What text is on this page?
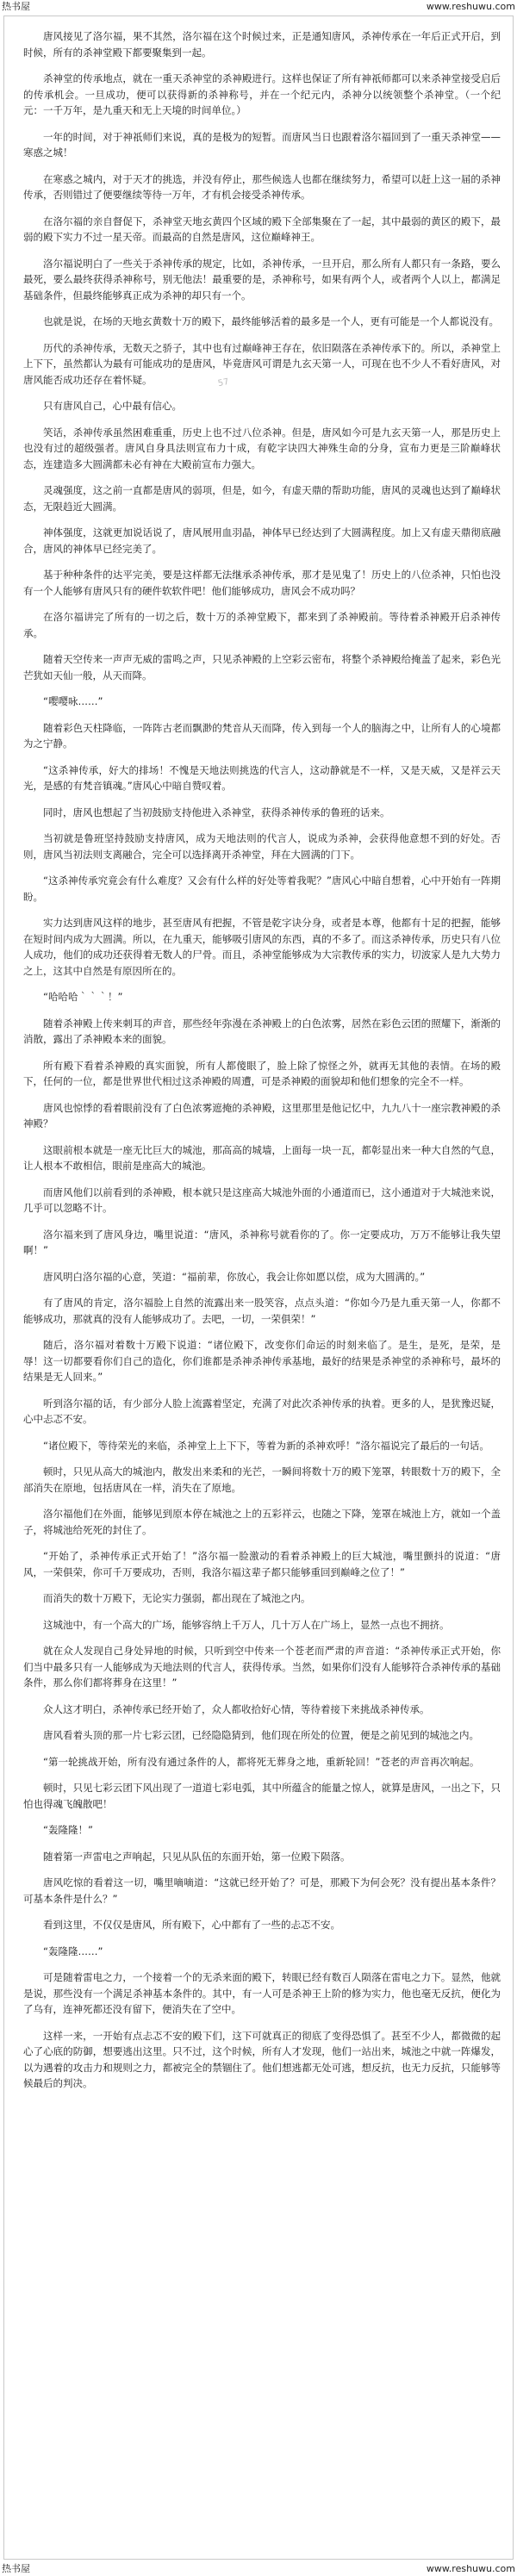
热书屋	www.reshuwu.com

唐风接见了洛尔福，果不其然，洛尔福在这个时候过来，正是通知唐风，杀神传承在一年后正式开启，到时候，所有的杀神堂殿下都要聚集到一起。

杀神堂的传承地点，就在一重天杀神堂的杀神殿进行。这样也保证了所有神祇师都可以来杀神堂接受启后的传承机会。一旦成功，便可以获得新的杀神称号，并在一个纪元内，杀神分以统领整个杀神堂。（一个纪元：一千万年，是九重天和无上天境的时间单位。）

一年的时间，对于神祇师们来说，真的是极为的短暂。而唐风当日也跟着洛尔福回到了一重天杀神堂——寒惑之城！

在寒惑之城内，对于天才的挑选，并没有停止，那些候选人也都在继续努力，希望可以赶上这一届的杀神传承，否则错过了便要继续等待一万年，才有机会接受杀神传承。

在洛尔福的亲自督促下，杀神堂天地玄黄四个区域的殿下全部集聚在了一起，其中最弱的黄区的殿下，最弱的殿下实力不过一星天帝。而最高的自然是唐风，这位巅峰神王。

洛尔福说明白了一些关于杀神传承的规定，比如，杀神传承，一旦开启，那么所有人都只有一条路，要么最死，要么最终获得杀神称号，别无他法！最重要的是，杀神称号，如果有两个人，或者两个人以上，都满足基础条件，但最终能够真正成为杀神的却只有一个。

也就是说，在场的天地玄黄数十万的殿下，最终能够活着的最多是一个人，更有可能是一个人都说没有。

历代的杀神传承，无数天之骄子，其中也有过巅峰神王存在，依旧陨落在杀神传承下的。所以，杀神堂上上下下，虽然都认为最有可能成功的是唐风，毕竟唐风可谓是九玄天第一人，可现在也不少人不看好唐风，对唐风能否成功还存在着怀疑。

只有唐风自己，心中最有信心。

笑话，杀神传承虽然困难重重，历史上也不过八位杀神。但是，唐风如今可是九玄天第一人，那是历史上也没有过的超级强者。唐风自身具法则宣布力十成，有乾字诀四大神殊生命的分身，宣布力更是三阶巅峰状态，连建造多大圆满都未必有神在大殿前宣布力强大。

灵魂强度，这之前一直都是唐风的弱项，但是，如今，有虚天鼎的帮助功能，唐风的灵魂也达到了巅峰状态，无限趋近大圆满。

神体强度，这就更加说话说了，唐风展用血羽晶，神体早已经达到了大圆满程度。加上又有虚天鼎彻底融合，唐风的神体早已经完美了。

基于种种条件的达平完美，要是这样都无法继承杀神传承，那才是见鬼了！历史上的八位杀神，只怕也没有一个人能够有唐风只有的硬件软软件吧！他们能够成功，唐风会不成功吗？

在洛尔福讲完了所有的一切之后，数十万的杀神堂殿下，都来到了杀神殿前。等待着杀神殿开启杀神传承。

随着天空传来一声声无威的雷鸣之声，只见杀神殿的上空彩云密布，将整个杀神殿给掩盖了起来，彩色光芒犹如天仙一般，从天而降。

“嘤嘤咏……”

随着彩色天柱降临，一阵阵古老而飘渺的梵音从天而降，传入到每一个人的脑海之中，让所有人的心境都为之宁静。

“这杀神传承，好大的排场！不愧是天地法则挑选的代言人，这动静就是不一样，又是天威，又是祥云天光，是感的有梵音镇魂。”唐风心中暗自赞叹着。

同时，唐风也想起了当初鼓励支持他进入杀神堂，获得杀神传承的鲁班的话来。

当初就是鲁班坚持鼓励支持唐风，成为天地法则的代言人，说成为杀神，会获得他意想不到的好处。否则，唐风当初法则支离融合，完全可以选择离开杀神堂，拜在大圆满的门下。

“这杀神传承究竟会有什么难度？又会有什么样的好处等着我呢？”唐风心中暗自想着，心中开始有一阵期盼。

实力达到唐风这样的地步，甚至唐风有把握，不管是乾字诀分身，或者是本尊，他都有十足的把握，能够在短时间内成为大圆满。所以，在九重天，能够吸引唐风的东西，真的不多了。而这杀神传承，历史只有八位人成功，他们的成功还获得着无数人的尸骨。而且，杀神堂能够成为大宗教传承的实力，切波家人是九大势力之上，这其中自然是有原因所在的。

“哈哈哈｀｀｀！”

随着杀神殿上传来刺耳的声音，那些经年弥漫在杀神殿上的白色浓雾，居然在彩色云团的照耀下，渐渐的消散，露出了杀神殿本来的面貌。

所有殿下看着杀神殿的真实面貌，所有人都傻眼了，脸上除了惊怪之外，就再无其他的表情。在场的殿下，任何的一位，都是世界世代相过这杀神殿的周遭，可是杀神殿的面貌却和他们想象的完全不一样。

唐风也惊悸的看着眼前没有了白色浓雾遮掩的杀神殿，这里那里是他记忆中，九九八十一座宗教神殿的杀神殿？

这眼前根本就是一座无比巨大的城池，那高高的城墙，上面每一块一瓦，都彰显出来一种大自然的气息，让人根本不敢相信，眼前是座高大的城池。

而唐风他们以前看到的杀神殿，根本就只是这座高大城池外面的小通道而已，这小通道对于大城池来说，几乎可以忽略不计。

洛尔福来到了唐风身边，嘴里说道：“唐风，杀神称号就看你的了。你一定要成功，万万不能够让我失望啊！”

唐风明白洛尔福的心意，笑道：“福前辈，你放心，我会让你如愿以偿，成为大圆满的。”

有了唐风的肯定，洛尔福脸上自然的流露出来一股笑容，点点头道：“你如今乃是九重天第一人，你都不能够成功，那就真的没有人能够成功了。去吧，一切，一荣俱荣！”

随后，洛尔福对着数十万殿下说道：“诸位殿下，改变你们命运的时刻来临了。是生，是死，是荣，是辱！这一切都要看你们自己的造化，你们谁都是杀神杀神传承基地，最好的结果是杀神堂的杀神称号，最坏的结果是无人回来。”

听到洛尔福的话，有少部分人脸上流露着坚定，充满了对此次杀神传承的执着。更多的人，是犹豫迟疑，心中忐忑不安。

“诸位殿下，等待荣光的来临，杀神堂上上下下，等着为新的杀神欢呼！”洛尔福说完了最后的一句话。

顿时，只见从高大的城池内，散发出来柔和的光芒，一瞬间将数十万的殿下笼罩，转眼数十万的殿下，全部消失在原地，包括唐风在一样，消失在了原地。

洛尔福他们在外面，能够见到原本停在城池之上的五彩祥云，也随之下降，笼罩在城池上方，就如一个盖子，将城池给死死的封住了。

“开始了，杀神传承正式开始了！”洛尔福一脸激动的看着杀神殿上的巨大城池，嘴里颤抖的说道：“唐风，一荣俱荣，你可千万要成功，否则，我洛尔福这辈子都只能够重回到巅峰之位了！”

而消失的数十万殿下，无论实力强弱，都出现在了城池之内。

这城池中，有一个高大的广场，能够容纳上千万人，几十万人在广场上，显然一点也不拥挤。

就在众人发现自己身处异地的时候，只听到空中传来一个苍老而严肃的声音道：“杀神传承正式开始，你们当中最多只有一人能够成为天地法则的代言人，获得传承。当然，如果你们没有人能够符合杀神传承的基础条件，那么你们都将葬身在这里！”

众人这才明白，杀神传承已经开始了，众人都收拾好心情，等待着接下来挑战杀神传承。

唐风看着头顶的那一片七彩云团，已经隐隐猜到，他们现在所处的位置，便是之前见到的城池之内。

“第一轮挑战开始，所有没有通过条件的人，都将死无葬身之地，重新轮回！”苍老的声音再次响起。

顿时，只见七彩云团下风出现了一道道七彩电弧，其中所蕴含的能量之惊人，就算是唐风，一出之下，只怕也得魂飞魄散吧！

“轰隆隆！”

随着第一声雷电之声响起，只见从队伍的东面开始，第一位殿下陨落。

唐风吃惊的看着这一切，嘴里嘀嘀道：“这就已经开始了？可是，那殿下为何会死？没有提出基本条件？可基本条件是什么？”

看到这里，不仅仅是唐风，所有殿下，心中都有了一些的忐忑不安。

“轰隆隆……”

可是随着雷电之力，一个接着一个的无杀来面的殿下，转眼已经有数百人陨落在雷电之力下。显然，他就是说，那些没有一个满足杀神基本条件的。其中，有一人可是杀神王上阶的修为实力，他也毫无反抗，便化为了乌有，连神死都还没有留下，便消失在了空中。

这样一来，一开始有点忐忑不安的殿下们，这下可就真正的彻底了变得恐惧了。甚至不少人，都微微的起心了心底的防御，想要逃出这里。只不过，这个时候，所有人才发现，他们一站出来，城池之中就一阵爆发，以为遇着的攻击力和规则之力，都被完全的禁锢住了。他们想逃都无处可逃，想反抗，也无力反抗，只能够等候最后的判决。

57
热书屋	www.reshuwu.com
